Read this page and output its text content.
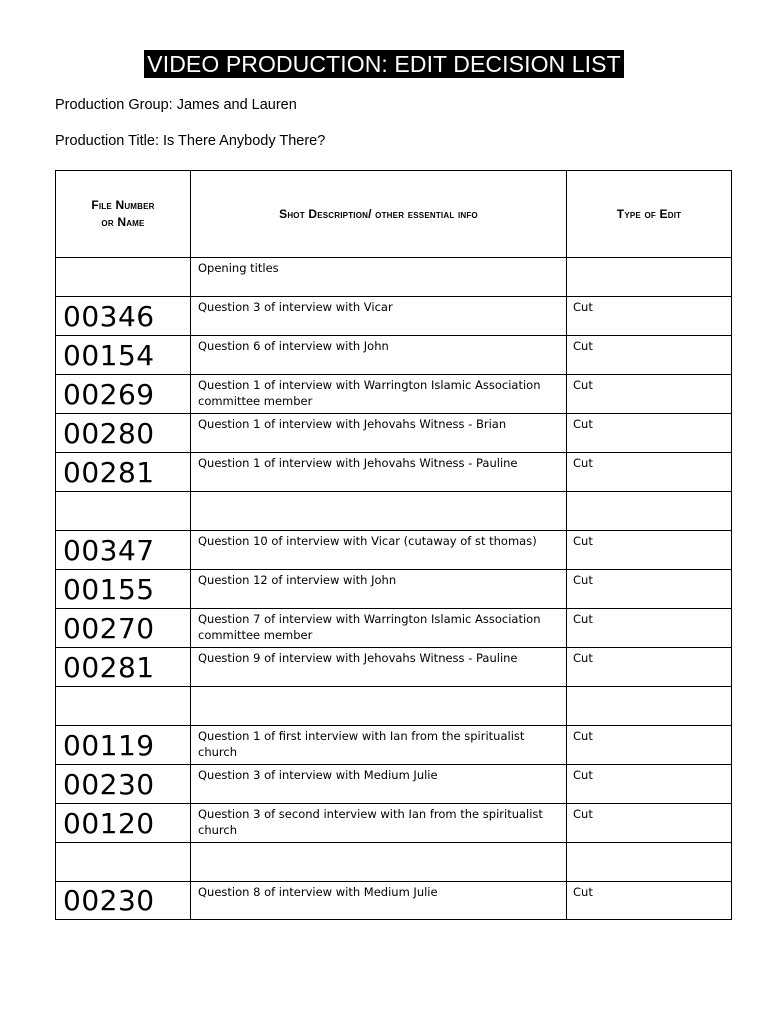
VIDEO PRODUCTION: EDIT DECISION LIST
Production Group: James and Lauren
Production Title: Is There Anybody There?
File Number
or Name	Shot Description/ other essential info	Type of Edit
	Opening titles	
00346	Question 3 of interview with Vicar	Cut
00154	Question 6 of interview with John	Cut
00269	Question 1 of interview with Warrington Islamic Association committee member	Cut
00280	Question 1 of interview with Jehovahs Witness - Brian	Cut
00281	Question 1 of interview with Jehovahs Witness - Pauline	Cut

00347	Question 10 of interview with Vicar (cutaway of st thomas)	Cut
00155	Question 12 of interview with John	Cut
00270	Question 7 of interview with Warrington Islamic Association committee member	Cut
00281	Question 9 of interview with Jehovahs Witness - Pauline	Cut

00119	Question 1 of first interview with Ian from the spiritualist church	Cut
00230	Question 3 of interview with Medium Julie	Cut
00120	Question 3 of second interview with Ian from the spiritualist church	Cut

00230	Question 8 of interview with Medium Julie	Cut
